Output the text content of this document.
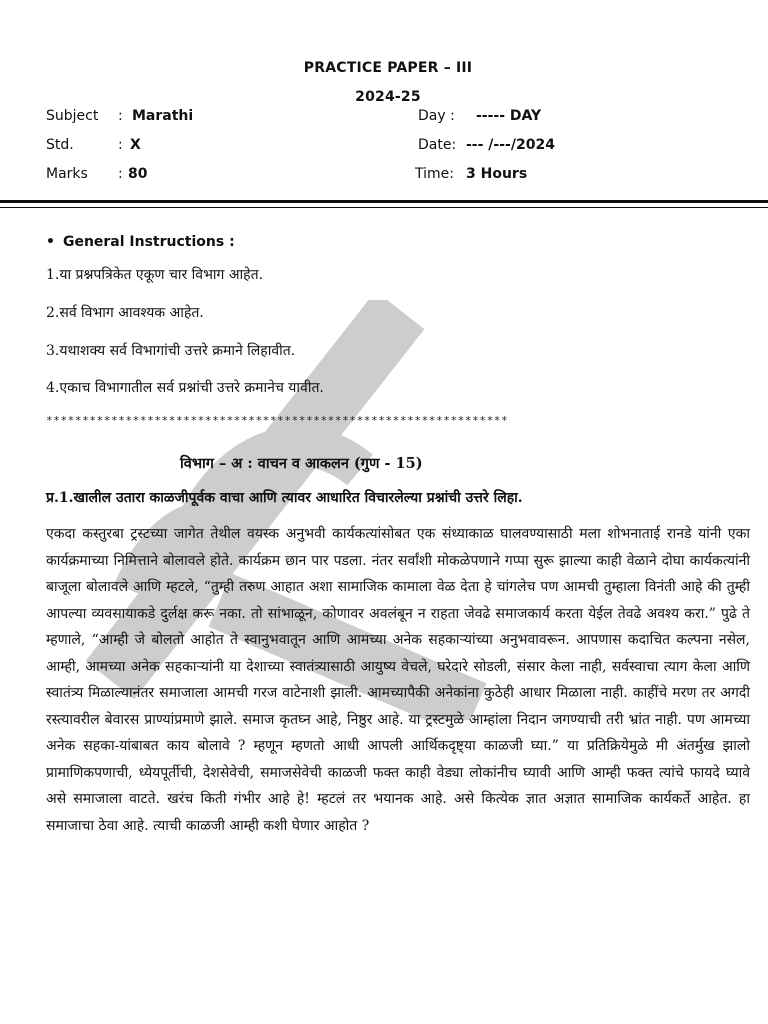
PRACTICE PAPER – III
2024-25
Subject : Marathi
Std.	: X
Marks : 80
Day : ----- DAY
Date: --- /---/2024
Time: 3 Hours
• General Instructions :
1.या प्रश्नपत्रिकेत एकूण चार विभाग आहेत.
2.सर्व विभाग आवश्यक आहेत.
3.यथाशक्य सर्व विभागांची उत्तरे क्रमाने लिहावीत.
4.एकाच विभागातील सर्व प्रश्नांची उत्तरे क्रमानेच यावीत.
****************************************************************
विभाग – अ : वाचन व आकलन (गुण - 15)
प्र.1.खालील उतारा काळजीपूर्वक वाचा आणि त्यावर आधारित विचारलेल्या प्रश्नांची उत्तरे लिहा.
एकदा कस्तुरबा ट्रस्टच्या जागेत तेथील वयस्क अनुभवी कार्यकत्यांसोबत एक संध्याकाळ घालवण्यासाठी मला शोभनाताई रानडे यांनी एका कार्यक्रमाच्या निमित्ताने बोलावले होते. कार्यक्रम छान पार पडला. नंतर सर्वांशी मोकळेपणाने गप्पा सुरू झाल्या काही वेळाने दोघा कार्यकत्यांनी बाजूला बोलावले आणि म्हटले, “तुम्ही तरुण आहात अशा सामाजिक कामाला वेळ देता हे चांगलेच पण आमची तुम्हाला विनंती आहे की तुम्ही आपल्या व्यवसायाकडे दुर्लक्ष करू नका. तो सांभाळून, कोणावर अवलंबून न राहता जेवढे समाजकार्य करता येईल तेवढे अवश्य करा.” पुढे ते म्हणाले, “आम्ही जे बोलतो आहोत ते स्वानुभवातून आणि आमच्या अनेक सहकाऱ्यांच्या अनुभवावरून. आपणास कदाचित कल्पना नसेल, आम्ही, आमच्या अनेक सहकाऱ्यांनी या देशाच्या स्वातंत्र्यासाठी आयुष्य वेचले, घरेदारे सोडली, संसार केला नाही, सर्वस्वाचा त्याग केला आणि स्वातंत्र्य मिळाल्यानंतर समाजाला आमची गरज वाटेनाशी झाली. आमच्यापैकी अनेकांना कुठेही आधार मिळाला नाही. काहींचे मरण तर अगदी रस्त्यावरील बेवारस प्राण्यांप्रमाणे झाले. समाज कृतघ्न आहे, निष्ठुर आहे. या ट्रस्टमुळे आम्हांला निदान जगण्याची तरी भ्रांत नाही. पण आमच्या अनेक सहका-यांबाबत काय बोलावे ? म्हणून म्हणतो आधी आपली आर्थिकदृष्ट्या काळजी घ्या.” या प्रतिक्रियेमुळे मी अंतर्मुख झालो प्रामाणिकपणाची, ध्येयपूर्तीची, देशसेवेची, समाजसेवेची काळजी फक्त काही वेड्या लोकांनीच घ्यावी आणि आम्ही फक्त त्यांचे फायदे घ्यावे असे समाजाला वाटते. खरंच किती गंभीर आहे हे! म्हटलं तर भयानक आहे. असे कित्येक ज्ञात अज्ञात सामाजिक कार्यकर्ते आहेत. हा समाजाचा ठेवा आहे. त्याची काळजी आम्ही कशी घेणार आहोत ?
